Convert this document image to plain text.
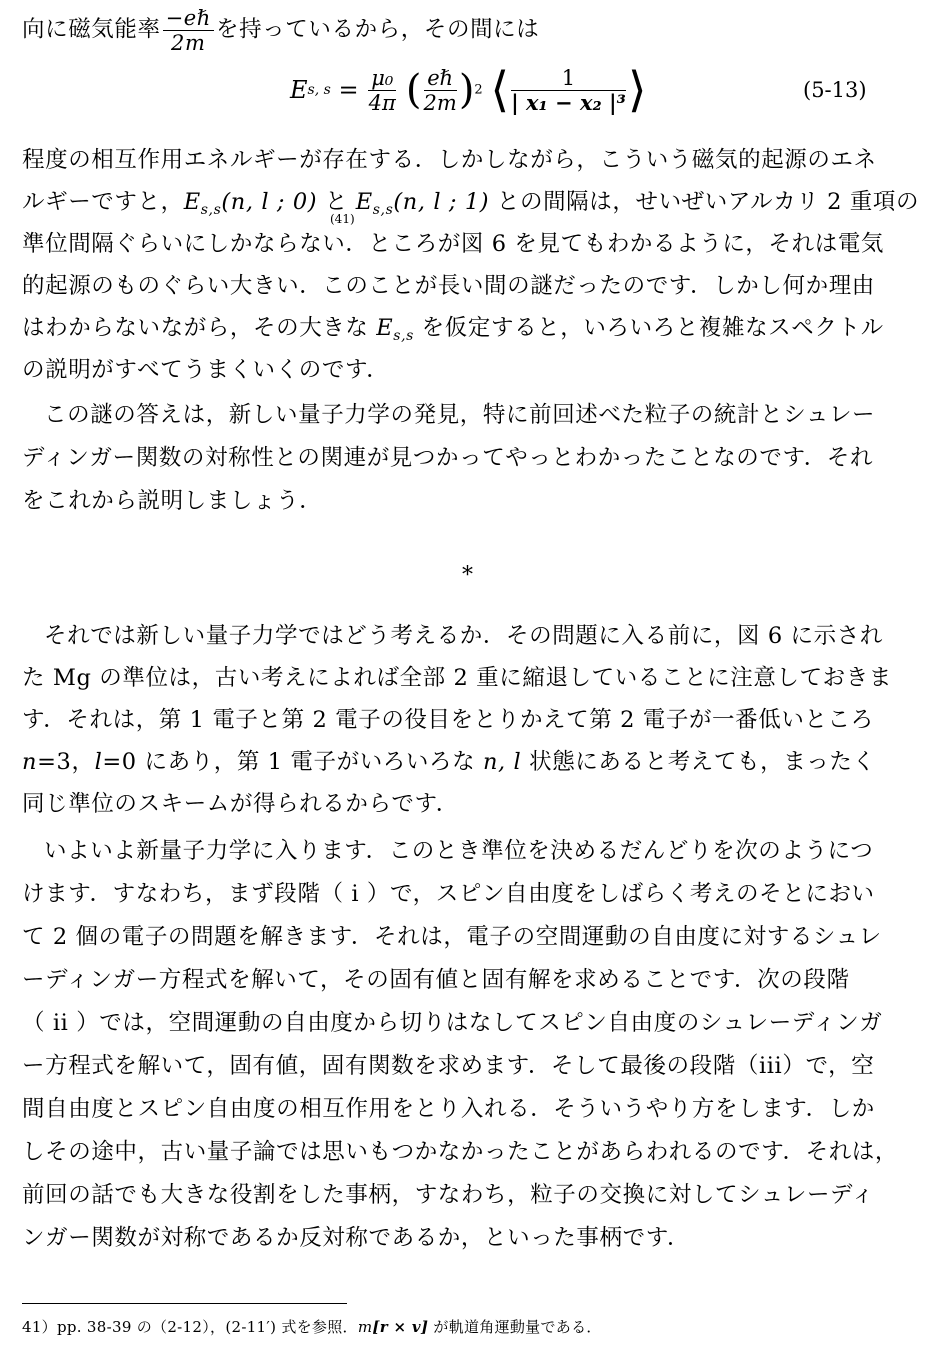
向に磁気能率 $\frac{\text{−eℏ}}{2m}$ を持っているから，その間には
Es, $s = \frac{\text{μ₀}}{4\pi}$ ( $\frac{\text{eℏ}}{2m} )2$ ⟨ $\frac{1}{\text{| x₁ − x₂ |³}}$ ⟩	(5-13)
程度の相互作用エネルギーが存在する．しかしながら，こういう磁気的起源のエネ
ルギーですと，$E_{s,s}(n$, l ; 0) と $E_{s,s}(n$, l ; 1) との間隔は，せいぜいアルカリ 2 重項の
(41)
準位間隔ぐらいにしかならない．ところが図 6 を見てもわかるように，それは電気
的起源のものぐらい大きい．このことが長い間の謎だったのです．しかし何か理由
はわからないながら，その大きな $E_{s,s}$ を仮定すると，いろいろと複雑なスペクトル
の説明がすべてうまくいくのです．
この謎の答えは，新しい量子力学の発見，特に前回述べた粒子の統計とシュレー
ディンガー関数の対称性との関連が見つかってやっとわかったことなのです．それ
をこれから説明しましょう．
*
それでは新しい量子力学ではどう考えるか．その問題に入る前に，図 6 に示され
た Mg の準位は，古い考えによれば全部 2 重に縮退していることに注意しておきま
す．それは，第 1 電子と第 2 電子の役目をとりかえて第 2 電子が一番低いところ
n=3，l=0 にあり，第 1 電子がいろいろな n, l 状態にあると考えても，まったく
同じ準位のスキームが得られるからです．
いよいよ新量子力学に入ります．このとき準位を決めるだんどりを次のようにつ
けます．すなわち，まず段階（ i ）で，スピン自由度をしばらく考えのそとにおい
て 2 個の電子の問題を解きます．それは，電子の空間運動の自由度に対するシュレ
ーディンガー方程式を解いて，その固有値と固有解を求めることです．次の段階
（ ii ）では，空間運動の自由度から切りはなしてスピン自由度のシュレーディンガ
ー方程式を解いて，固有値，固有関数を求めます．そして最後の段階（iii）で，空
間自由度とスピン自由度の相互作用をとり入れる．そういうやり方をします．しか
しその途中，古い量子論では思いもつかなかったことがあらわれるのです．それは，
前回の話でも大きな役割をした事柄，すなわち，粒子の交換に対してシュレーディ
ンガー関数が対称であるか反対称であるか，といった事柄です．
41）pp. 38-39 の（2-12），(2-11′) 式を参照．m[r × v] が軌道角運動量である．
